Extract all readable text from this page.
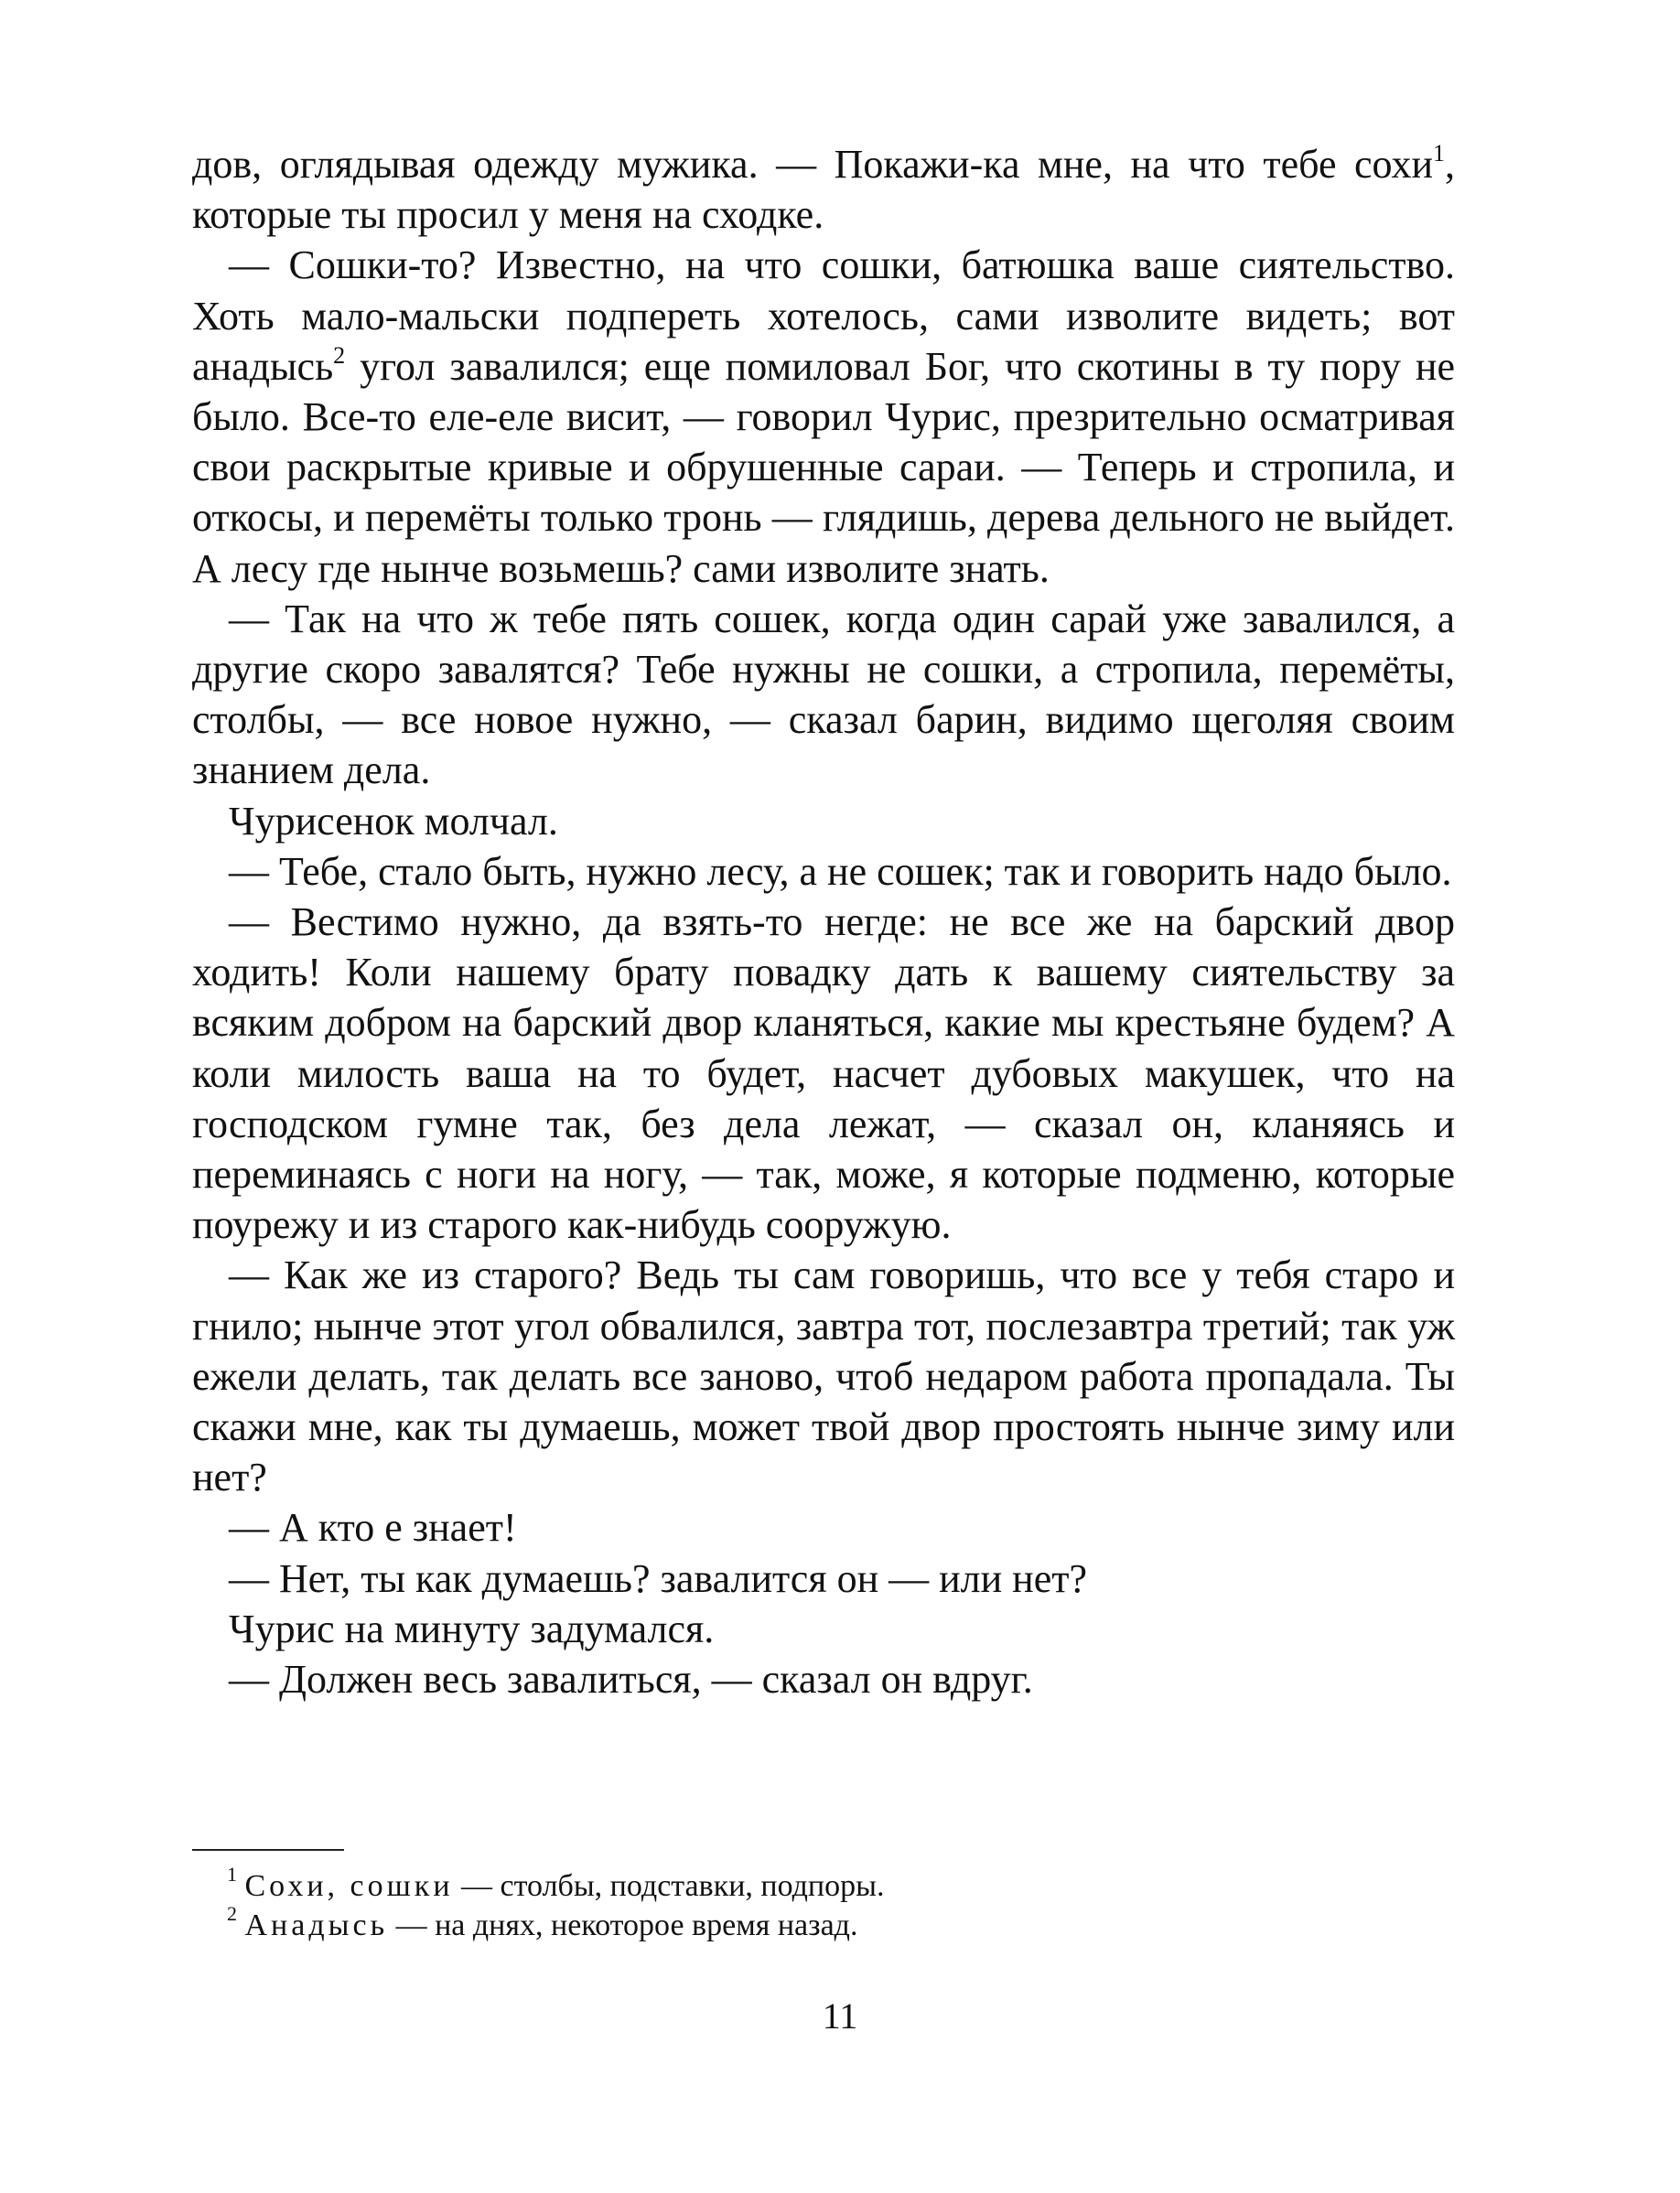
дов, оглядывая одежду мужика. — Покажи-ка мне, на что тебе сохи$^1$, которые ты просил у меня на сходке.

— Сошки-то? Известно, на что сошки, батюшка ваше сиятельство. Хоть мало-мальски подпереть хотелось, сами изволите видеть; вот анадысь$^2$ угол завалился; еще помиловал Бог, что скотины в ту пору не было. Все-то еле-еле висит, — говорил Чурис, презрительно осматривая свои раскрытые кривые и обрушенные сараи. — Теперь и стропила, и откосы, и перемёты только тронь — глядишь, дерева дельного не выйдет. А лесу где нынче возьмешь? сами изволите знать.

— Так на что ж тебе пять сошек, когда один сарай уже завалился, а другие скоро завалятся? Тебе нужны не сошки, а стропила, перемёты, столбы, — все новое нужно, — сказал барин, видимо щеголяя своим знанием дела.

Чурисенок молчал.

— Тебе, стало быть, нужно лесу, а не сошек; так и говорить надо было.

— Вестимо нужно, да взять-то негде: не все же на барский двор ходить! Коли нашему брату повадку дать к вашему сиятельству за всяким добром на барский двор кланяться, какие мы крестьяне будем? А коли милость ваша на то будет, насчет дубовых макушек, что на господском гумне так, без дела лежат, — сказал он, кланяясь и переминаясь с ноги на ногу, — так, може, я которые подменю, которые поурежу и из старого как-нибудь сооружую.

— Как же из старого? Ведь ты сам говоришь, что все у тебя старо и гнило; нынче этот угол обвалился, завтра тот, послезавтра третий; так уж ежели делать, так делать все заново, чтоб недаром работа пропадала. Ты скажи мне, как ты думаешь, может твой двор простоять нынче зиму или нет?

— А кто е знает!

— Нет, ты как думаешь? завалится он — или нет?

Чурис на минуту задумался.

— Должен весь завалиться, — сказал он вдруг.

$^1$ Сохи, сошки — столбы, подставки, подпоры.

$^2$ Анадысь — на днях, некоторое время назад.

11
